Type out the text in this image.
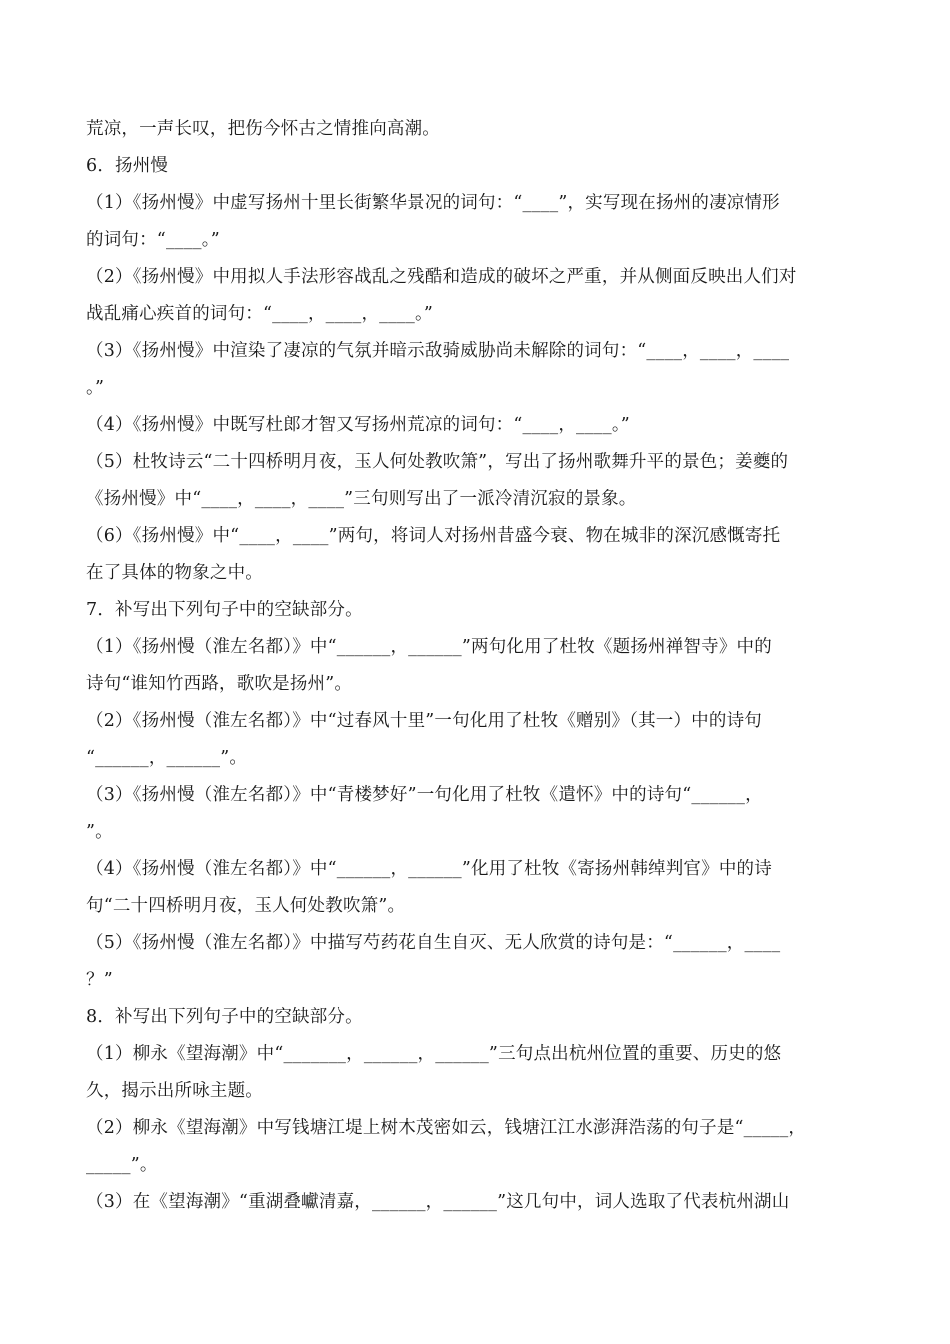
荒凉，一声长叹，把伤今怀古之情推向高潮。
6．扬州慢
（1）《扬州慢》中虚写扬州十里长街繁华景况的词句：“____”，实写现在扬州的凄凉情形
的词句：“____。”
（2）《扬州慢》中用拟人手法形容战乱之残酷和造成的破坏之严重，并从侧面反映出人们对
战乱痛心疾首的词句：“____，____，____。”
（3）《扬州慢》中渲染了凄凉的气氛并暗示敌骑威胁尚未解除的词句：“____，____，____
。”
（4）《扬州慢》中既写杜郎才智又写扬州荒凉的词句：“____，____。”
（5）杜牧诗云“二十四桥明月夜，玉人何处教吹箫”，写出了扬州歌舞升平的景色；姜夔的
《扬州慢》中“____，____，____”三句则写出了一派冷清沉寂的景象。
（6）《扬州慢》中“____，____”两句，将词人对扬州昔盛今衰、物在城非的深沉感慨寄托
在了具体的物象之中。
7．补写出下列句子中的空缺部分。
（1）《扬州慢（淮左名都）》中“______，______”两句化用了杜牧《题扬州禅智寺》中的
诗句“谁知竹西路，歌吹是扬州”。
（2）《扬州慢（淮左名都）》中“过春风十里”一句化用了杜牧《赠别》（其一）中的诗句
“______，______”。
（3）《扬州慢（淮左名都）》中“青楼梦好”一句化用了杜牧《遣怀》中的诗句“______，
”。
（4）《扬州慢（淮左名都）》中“______，______”化用了杜牧《寄扬州韩绰判官》中的诗
句“二十四桥明月夜，玉人何处教吹箫”。
（5）《扬州慢（淮左名都）》中描写芍药花自生自灭、无人欣赏的诗句是：“______，____
？”
8．补写出下列句子中的空缺部分。
（1）柳永《望海潮》中“_______，______，______”三句点出杭州位置的重要、历史的悠
久，揭示出所咏主题。
（2）柳永《望海潮》中写钱塘江堤上树木茂密如云，钱塘江江水澎湃浩荡的句子是“_____，
_____”。
（3）在《望海潮》“重湖叠巘清嘉，______，______”这几句中，词人选取了代表杭州湖山
